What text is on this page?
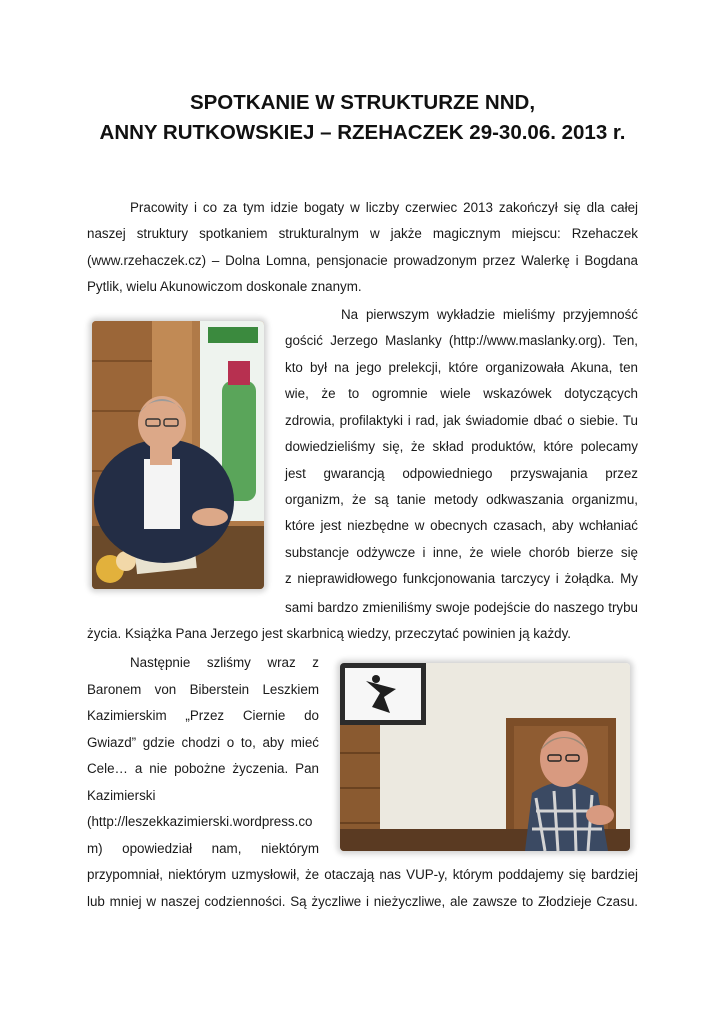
SPOTKANIE W STRUKTURZE NND,
ANNY RUTKOWSKIEJ – RZEHACZEK 29-30.06. 2013 r.
Pracowity i co za tym idzie bogaty w liczby czerwiec 2013 zakończył się dla całej
naszej struktury spotkaniem strukturalnym w jakże magicznym miejscu: Rzehaczek
(www.rzehaczek.cz) – Dolna Lomna, pensjonacie prowadzonym przez Walerkę i Bogdana
Pytlik, wielu Akunowiczom doskonale znanym.
Na pierwszym wykładzie mieliśmy przyjemność
gościć Jerzego Maslanky (http://www.maslanky.org). Ten,
kto był na jego prelekcji, które organizowała Akuna, ten
wie, że to ogromnie wiele wskazówek dotyczących
zdrowia, profilaktyki i rad, jak świadomie dbać o siebie. Tu
dowiedzieliśmy się, że skład produktów, które polecamy
jest gwarancją odpowiedniego przyswajania przez
organizm, że są tanie metody odkwaszania organizmu,
które jest niezbędne w obecnych czasach, aby wchłaniać
substancje odżywcze i inne, że wiele chorób bierze się
z nieprawidłowego funkcjonowania tarczycy i żołądka. My
sami bardzo zmieniliśmy swoje podejście do naszego trybu
życia. Książka Pana Jerzego jest skarbnicą wiedzy, przeczytać powinien ją każdy.
Następnie szliśmy wraz z
Baronem von Biberstein Leszkiem
Kazimierskim „Przez Ciernie do
Gwiazd” gdzie chodzi o to, aby mieć
Cele… a nie pobożne życzenia. Pan
Kazimierski
(http://leszekkazimierski.wordpress.co
m) opowiedział nam, niektórym
przypomniał, niektórym uzmysłowił, że otaczają nas VUP-y, którym poddajemy się bardziej
lub mniej w naszej codzienności. Są życzliwe i nieżyczliwe, ale zawsze to Złodzieje Czasu.
